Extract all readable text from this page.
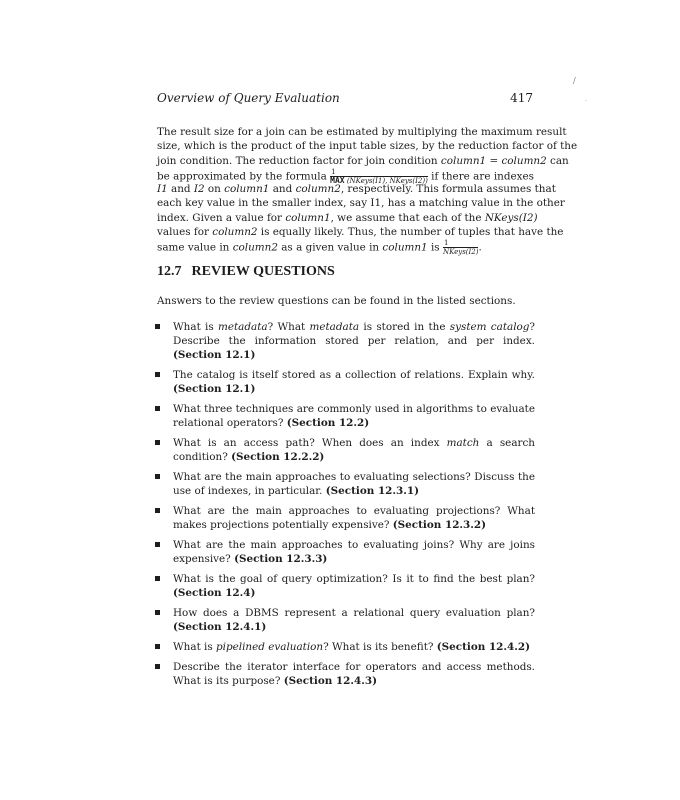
/
.
Overview of Query Evaluation	417
The result size for a join can be estimated by multiplying the maximum result
size, which is the product of the input table sizes, by the reduction factor of the
join condition. The reduction factor for join condition column1 = column2 can
be approximated by the formula $\frac{1}{\text{MAX (NKeys(I1), NKeys(I2))}}$ if there are indexes
I1 and I2 on column1 and column2, respectively. This formula assumes that
each key value in the smaller index, say I1, has a matching value in the other
index. Given a value for column1, we assume that each of the NKeys(I2)
values for column2 is equally likely. Thus, the number of tuples that have the
same value in column2 as a given value in column1 is $\frac{1}{\text{NKeys(I2)}}$ .
12.7 REVIEW QUESTIONS
Answers to the review questions can be found in the listed sections.
What is metadata? What metadata is stored in the system catalog? Describe the information stored per relation, and per index. (Section 12.1)
The catalog is itself stored as a collection of relations. Explain why. (Section 12.1)
What three techniques are commonly used in algorithms to evaluate relational operators? (Section 12.2)
What is an access path? When does an index match a search condition? (Section 12.2.2)
What are the main approaches to evaluating selections? Discuss the use of indexes, in particular. (Section 12.3.1)
What are the main approaches to evaluating projections? What makes projections potentially expensive? (Section 12.3.2)
What are the main approaches to evaluating joins? Why are joins expensive? (Section 12.3.3)
What is the goal of query optimization? Is it to find the best plan? (Section 12.4)
How does a DBMS represent a relational query evaluation plan? (Section 12.4.1)
What is pipelined evaluation? What is its benefit? (Section 12.4.2)
Describe the iterator interface for operators and access methods. What is its purpose? (Section 12.4.3)
